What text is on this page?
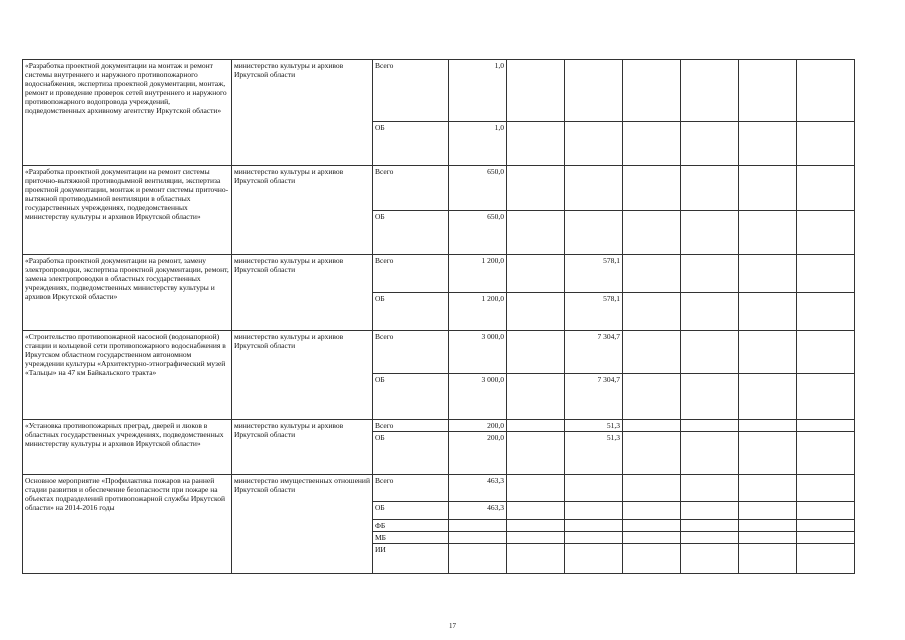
«Разработка проектной документации на монтаж и ремонт системы внутреннего и наружного противопожарного водоснабжения, экспертиза проектной документации, монтаж, ремонт и проведение проверок сетей внутреннего и наружного противопожарного водопровода учреждений, подведомственных архивному агентству Иркутской области»	министерство культуры и архивов Иркутской области	Всего	1,0						
		ОБ	1,0						
«Разработка проектной документации на ремонт системы приточно-вытяжной противодымной вентиляции, экспертиза проектной документации, монтаж и ремонт системы приточно-вытяжной противодымной вентиляции в областных государственных учреждениях, подведомственных министерству культуры и архивов Иркутской области»	министерство культуры и архивов Иркутской области	Всего	650,0						
		ОБ	650,0						
«Разработка проектной документации на ремонт, замену электропроводки, экспертиза проектной документации, ремонт, замена электропроводки в областных государственных учреждениях, подведомственных министерству культуры и архивов Иркутской области»	министерство культуры и архивов Иркутской области	Всего	1 200,0		578,1				
		ОБ	1 200,0		578,1				
«Строительство противопожарной насосной (водонапорной) станции и кольцевой сети противопожарного водоснабжения в Иркутском областном государственном автономном учреждении культуры «Архитектурно-этнографический музей «Тальцы» на 47 км Байкальского тракта»	министерство культуры и архивов Иркутской области	Всего	3 000,0		7 304,7				
		ОБ	3 000,0		7 304,7				
«Установка противопожарных преград, дверей и люков в областных государственных учреждениях, подведомственных министерству культуры и архивов Иркутской области»	министерство культуры и архивов Иркутской области	Всего	200,0		51,3				
		ОБ	200,0		51,3				
Основное мероприятие «Профилактика пожаров на ранней стадии развития и обеспечение безопасности при пожаре на объектах подразделений противопожарной службы Иркутской области» на 2014-2016 годы	министерство имущественных отношений Иркутской области	Всего	463,3						
		ОБ	463,3						
		ФБ							
		МБ							
		ИИ							
17
